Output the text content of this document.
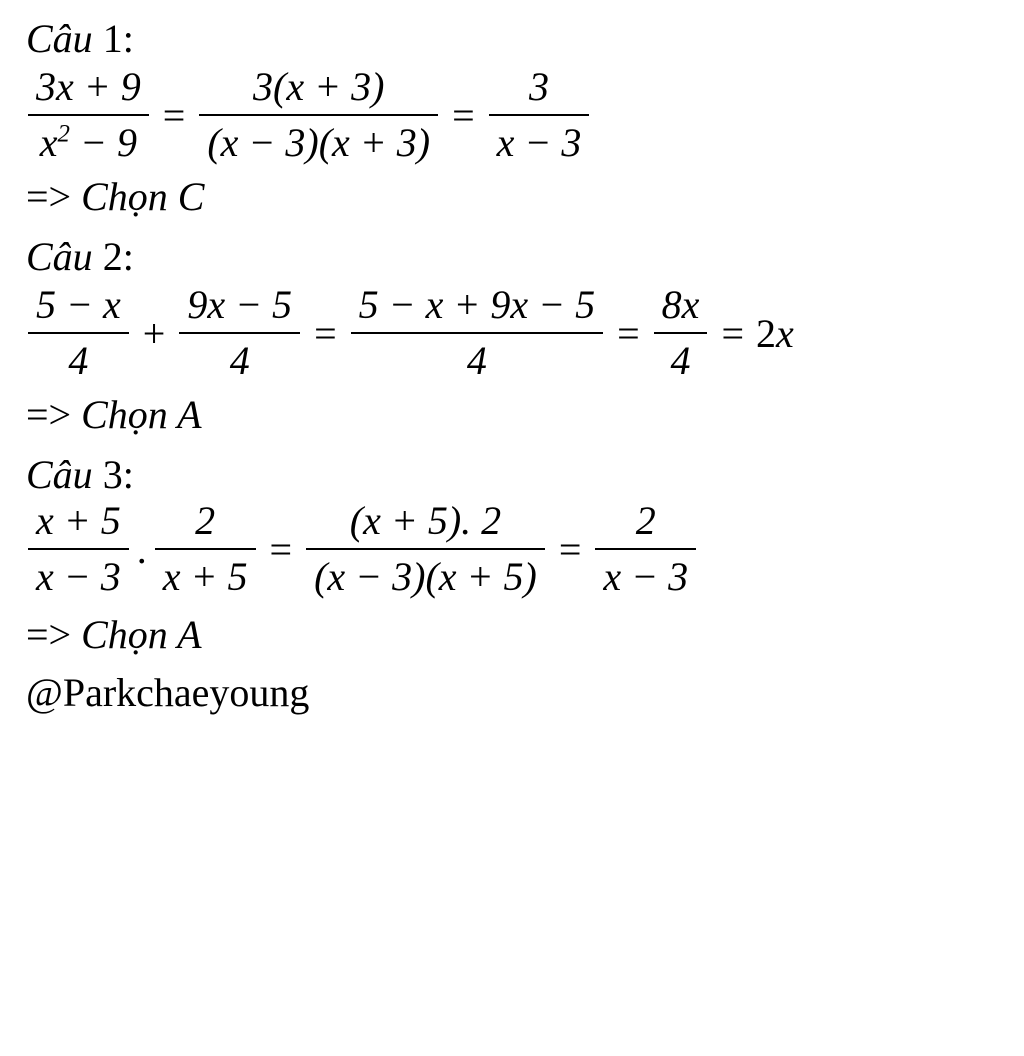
Câu 1:
$\frac{3x + 9}{x^2 - 9} = \frac{3(x + 3)}{(x - 3)(x + 3)} = \frac{3}{x - 3}$
=> Chọn C
Câu 2:
$\frac{5 - x}{4} + \frac{9x - 5}{4} = \frac{5 - x + 9x - 5}{4} = \frac{8x}{4} = 2x$
=> Chọn A
Câu 3:
$\frac{x + 5}{x - 3}$ . $\frac{2}{x + 5} = \frac{(x + 5). 2}{(x - 3)(x + 5)} = \frac{2}{x - 3}$
=> Chọn A
@Parkchaeyoung
